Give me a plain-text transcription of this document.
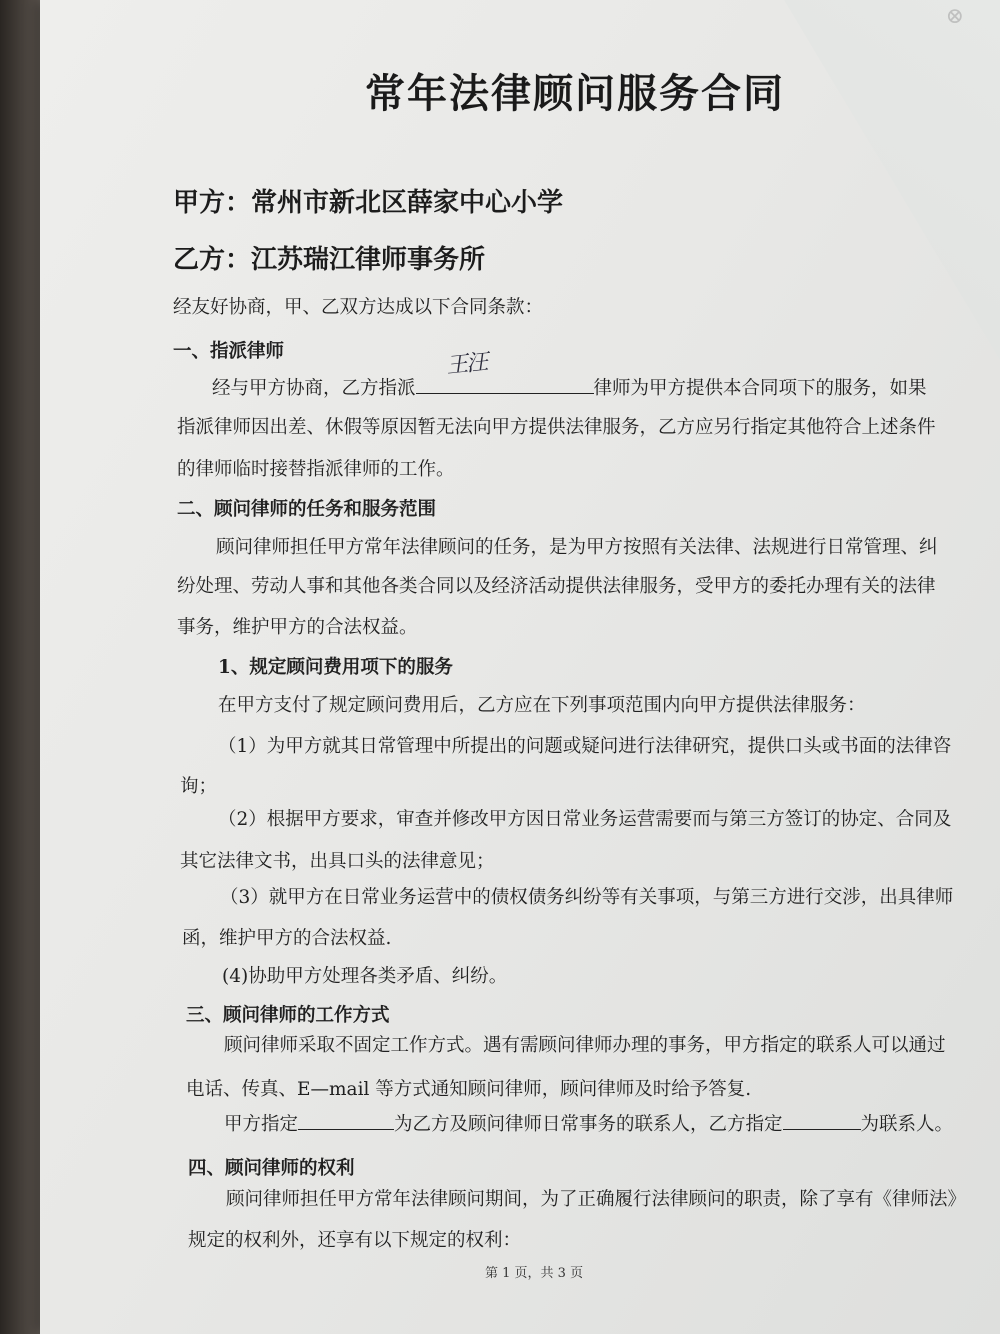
⊗
常年法律顾问服务合同
甲方：常州市新北区薛家中心小学
乙方：江苏瑞江律师事务所
经友好协商，甲、乙双方达成以下合同条款：
一、指派律师
经与甲方协商，乙方指派
王汪
律师为甲方提供本合同项下的服务，如果
指派律师因出差、休假等原因暂无法向甲方提供法律服务，乙方应另行指定其他符合上述条件
的律师临时接替指派律师的工作。
二、顾问律师的任务和服务范围
顾问律师担任甲方常年法律顾问的任务，是为甲方按照有关法律、法规进行日常管理、纠
纷处理、劳动人事和其他各类合同以及经济活动提供法律服务，受甲方的委托办理有关的法律
事务，维护甲方的合法权益。
1、规定顾问费用项下的服务
在甲方支付了规定顾问费用后，乙方应在下列事项范围内向甲方提供法律服务：
（1）为甲方就其日常管理中所提出的问题或疑问进行法律研究，提供口头或书面的法律咨
询；
（2）根据甲方要求，审查并修改甲方因日常业务运营需要而与第三方签订的协定、合同及
其它法律文书，出具口头的法律意见；
（3）就甲方在日常业务运营中的债权债务纠纷等有关事项，与第三方进行交涉，出具律师
函，维护甲方的合法权益.
(4)协助甲方处理各类矛盾、纠纷。
三、顾问律师的工作方式
顾问律师采取不固定工作方式。遇有需顾问律师办理的事务，甲方指定的联系人可以通过
电话、传真、E—mail 等方式通知顾问律师，顾问律师及时给予答复.
甲方指定	为乙方及顾问律师日常事务的联系人，乙方指定	为联系人。
四、顾问律师的权利
顾问律师担任甲方常年法律顾问期间，为了正确履行法律顾问的职责，除了享有《律师法》
规定的权利外，还享有以下规定的权利：
第 1 页，共 3 页
